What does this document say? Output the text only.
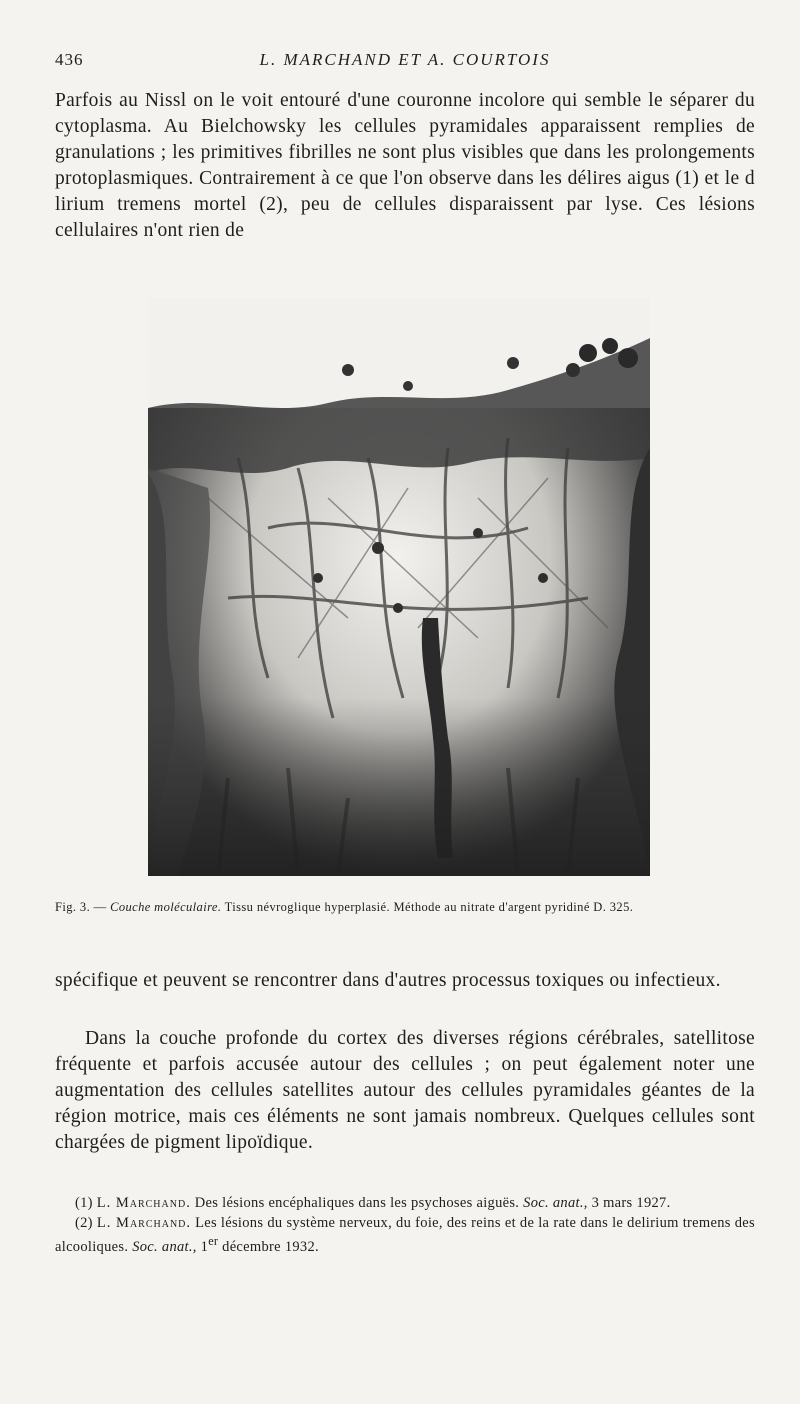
436	L. MARCHAND ET A. COURTOIS
Parfois au Nissl on le voit entouré d'une couronne incolore qui semble le séparer du cytoplasma. Au Bielchowsky les cellules pyramidales apparaissent remplies de granulations ; les primitives fibrilles ne sont plus visibles que dans les prolongements protoplasmiques. Contrairement à ce que l'on observe dans les délires aigus (1) et le d lirium tremens mortel (2), peu de cellules disparaissent par lyse. Ces lésions cellulaires n'ont rien de
Fig. 3. — Couche moléculaire. Tissu névroglique hyperplasié. Méthode au nitrate d'argent pyridiné D. 325.
spécifique et peuvent se rencontrer dans d'autres processus toxiques ou infectieux.
Dans la couche profonde du cortex des diverses régions cérébrales, satellitose fréquente et parfois accusée autour des cellules ; on peut également noter une augmentation des cellules satellites autour des cellules pyramidales géantes de la région motrice, mais ces éléments ne sont jamais nombreux. Quelques cellules sont chargées de pigment lipoïdique.
(1) L. Marchand. Des lésions encéphaliques dans les psychoses aiguës. Soc. anat., 3 mars 1927.
(2) L. Marchand. Les lésions du système nerveux, du foie, des reins et de la rate dans le delirium tremens des alcooliques. Soc. anat., 1er décembre 1932.
